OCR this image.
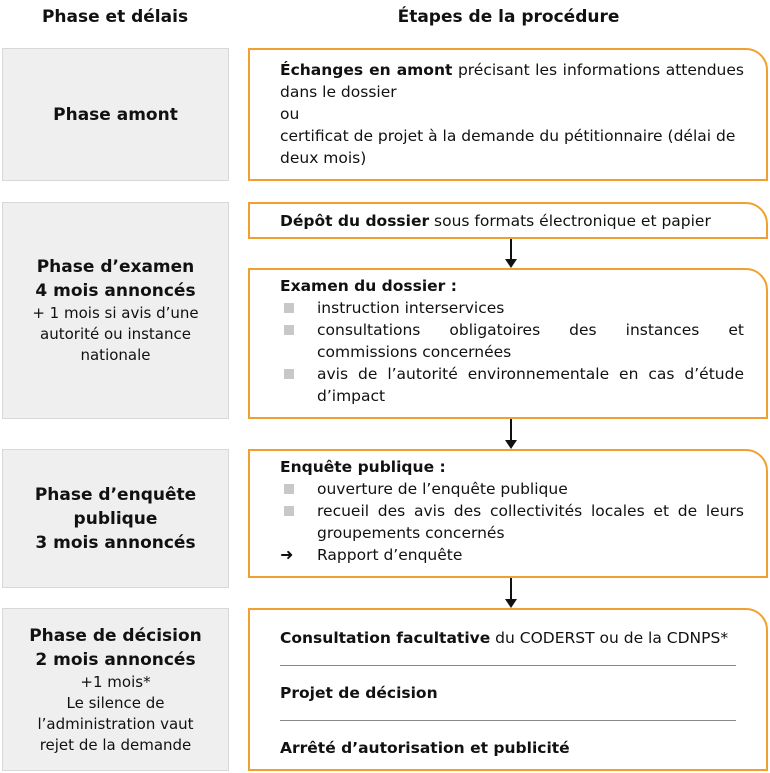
Phase et délais	Étapes de la procédure
Phase amont
Phase d’examen
4 mois annoncés
+ 1 mois si avis d’une
autorité ou instance
nationale
Phase d’enquête
publique
3 mois annoncés
Phase de décision
2 mois annoncés
+1 mois*
Le silence de
l’administration vaut
rejet de la demande

Échanges en amont précisant les informations attendues dans le dossier

ou

certificat de projet à la demande du pétitionnaire (délai de deux mois)

Dépôt du dossier sous formats électronique et papier

Examen du dossier :

instruction interservices
consultations obligatoires des instances et commissions concernées
avis de l’autorité environnementale en cas d’étude d’impact

Enquête publique :

ouverture de l’enquête publique
recueil des avis des collectivités locales et de leurs groupements concernés
➜ Rapport d’enquête
Consultation facultative du CODERST ou de la CDNPS*
Projet de décision
Arrêté d’autorisation et publicité
